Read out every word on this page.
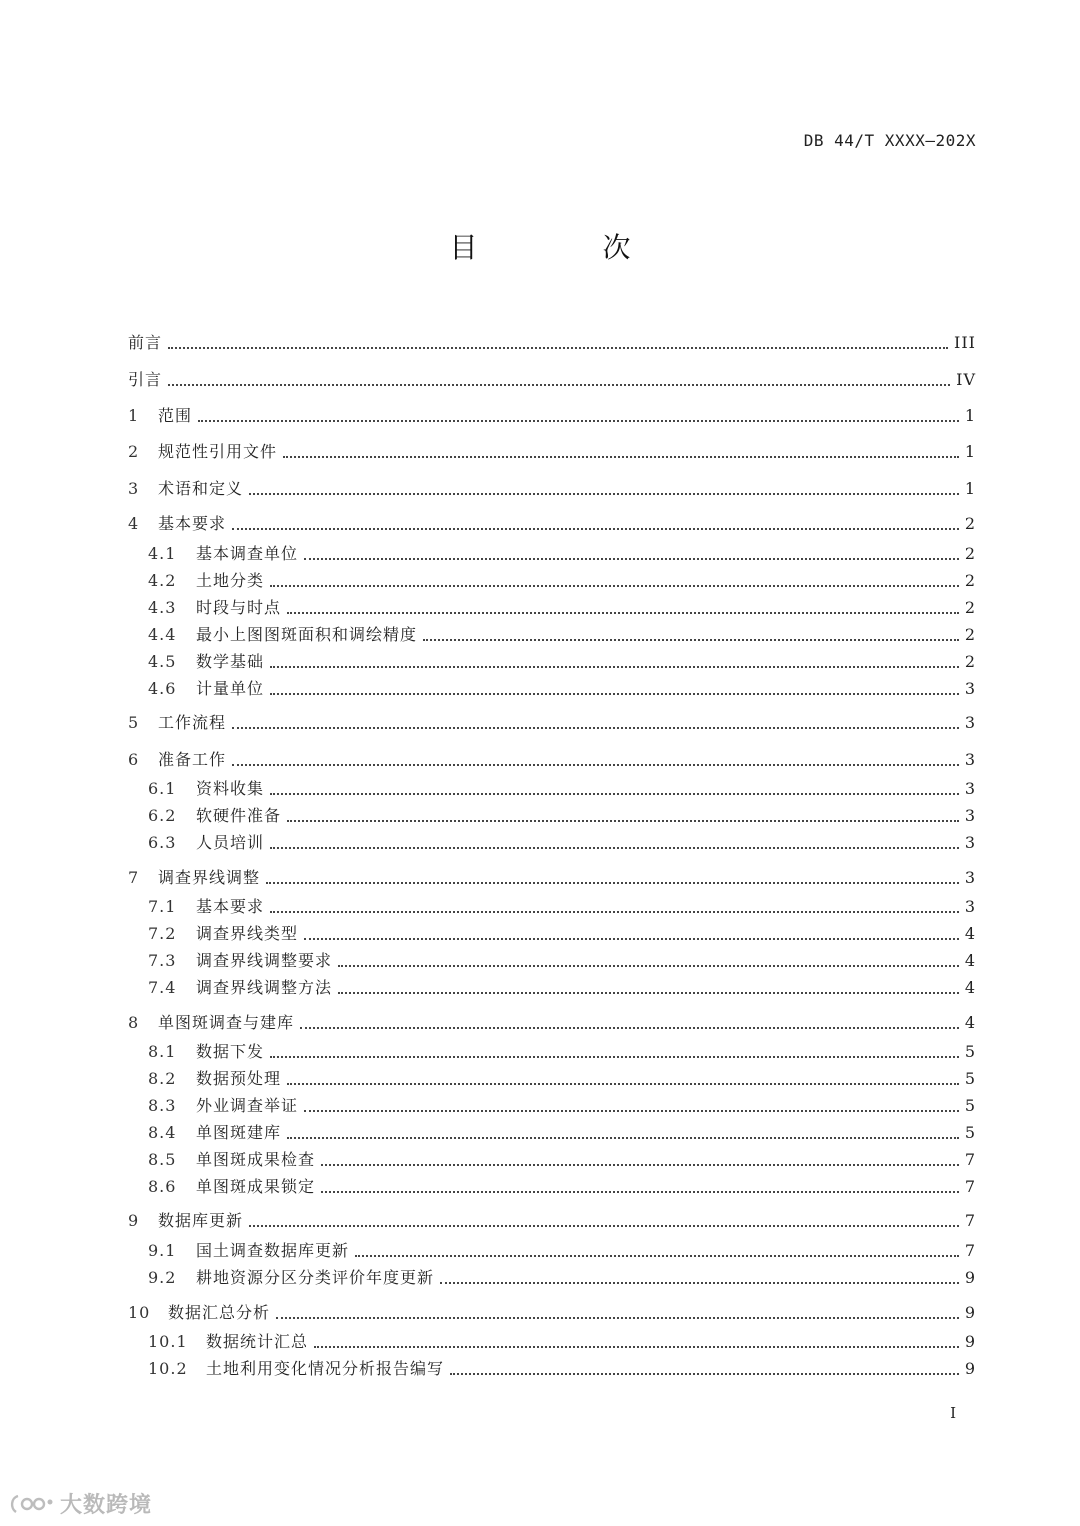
DB 44/T XXXX—202X
目 次
前言	III
引言	IV
1	范围	1
2	规范性引用文件	1
3	术语和定义	1
4	基本要求	2
4.1	基本调查单位	2
4.2	土地分类	2
4.3	时段与时点	2
4.4	最小上图图斑面积和调绘精度	2
4.5	数学基础	2
4.6	计量单位	3
5	工作流程	3
6	准备工作	3
6.1	资料收集	3
6.2	软硬件准备	3
6.3	人员培训	3
7	调查界线调整	3
7.1	基本要求	3
7.2	调查界线类型	4
7.3	调查界线调整要求	4
7.4	调查界线调整方法	4
8	单图斑调查与建库	4
8.1	数据下发	5
8.2	数据预处理	5
8.3	外业调查举证	5
8.4	单图斑建库	5
8.5	单图斑成果检查	7
8.6	单图斑成果锁定	7
9	数据库更新	7
9.1	国土调查数据库更新	7
9.2	耕地资源分区分类评价年度更新	9
10	数据汇总分析	9
10.1	数据统计汇总	9
10.2	土地利用变化情况分析报告编写	9
I
大数跨境
